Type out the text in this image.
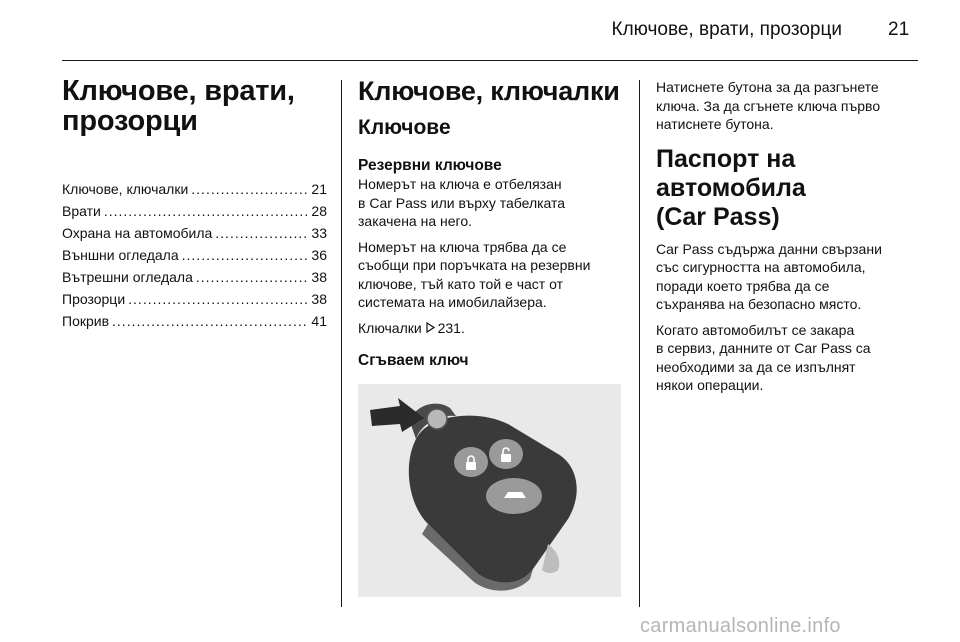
Ключове, врати, прозорци 21
Ключове, врати,
прозорци
Ключове, ключалки .....	21
Врати .....	28
Охрана на автомобила .....	33
Външни огледала .....	36
Вътрешни огледала .....	38
Прозорци .....	38
Покрив .....	41
Ключове, ключалки
Ключове
Резервни ключове

Номерът на ключа е отбелязан
в Car Pass или върху табелката
закачена на него.

Номерът на ключа трябва да се
съобщи при поръчката на резервни
ключове, тъй като той е част от
системата на имобилайзера.

Ключалки
231.

Сгъваем ключ

Натиснете бутона за да разгънете
ключа. За да сгънете ключа първо
натиснете бутона.

Паспорт на автомобила
(Car Pass)

Car Pass съдържа данни свързани
със сигурността на автомобила,
поради което трябва да се
съхранява на безопасно място.

Когато автомобилът се закара
в сервиз, данните от Car Pass са
необходими за да се изпълнят
някои операции.

carmanualsonline.info
